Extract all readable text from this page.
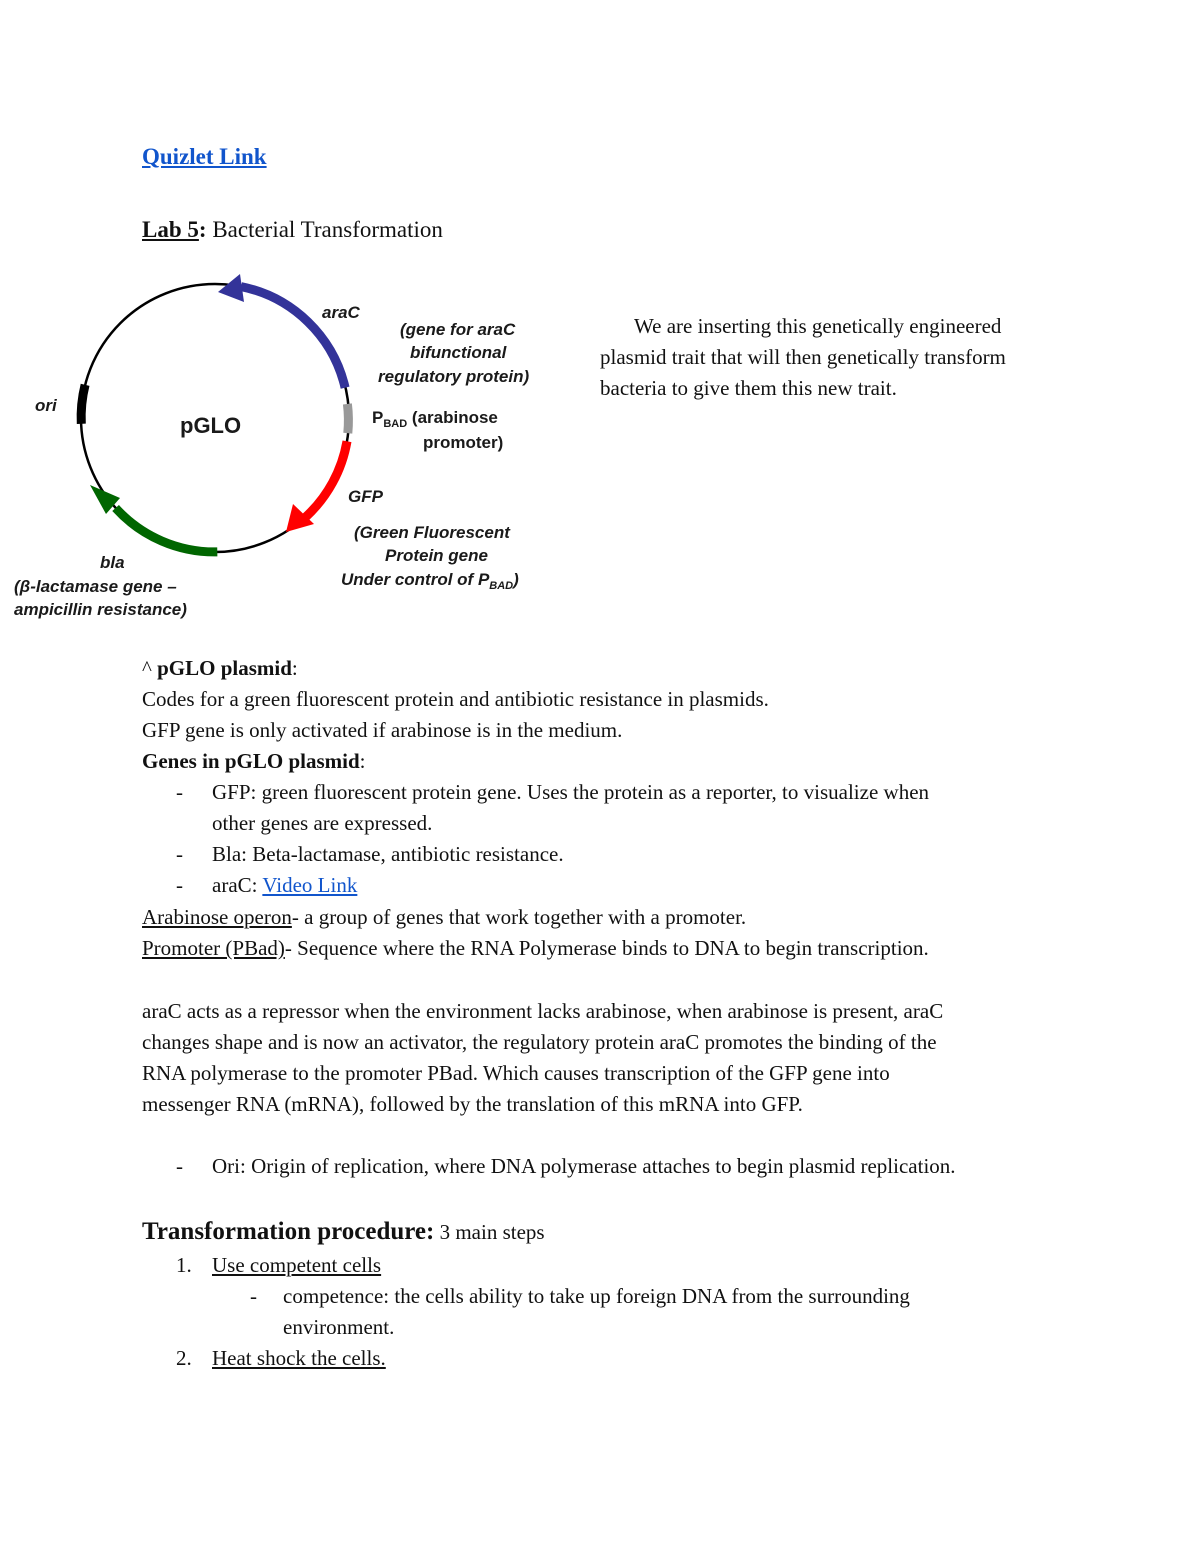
Quizlet Link
Lab 5: Bacterial Transformation
pGLO
ori
araC
(gene for araC
bifunctional
regulatory protein)
$P_{BAD}$ (arabinose
promoter)
GFP
(Green Fluorescent
Protein gene
Under control of $P_{BAD}$)
bla
(β-lactamase gene –
ampicillin resistance)
We are inserting this genetically engineered
plasmid trait that will then genetically transform
bacteria to give them this new trait.
^ pGLO plasmid:
Codes for a green fluorescent protein and antibiotic resistance in plasmids.
GFP gene is only activated if arabinose is in the medium.
Genes in pGLO plasmid:
- GFP: green fluorescent protein gene. Uses the protein as a reporter, to visualize when
other genes are expressed.
- Bla: Beta-lactamase, antibiotic resistance.
- araC: Video Link
Arabinose operon- a group of genes that work together with a promoter.
Promoter (PBad)- Sequence where the RNA Polymerase binds to DNA to begin transcription.
araC acts as a repressor when the environment lacks arabinose, when arabinose is present, araC
changes shape and is now an activator, the regulatory protein araC promotes the binding of the
RNA polymerase to the promoter PBad. Which causes transcription of the GFP gene into
messenger RNA (mRNA), followed by the translation of this mRNA into GFP.
- Ori: Origin of replication, where DNA polymerase attaches to begin plasmid replication.
Transformation procedure: 3 main steps
1. Use competent cells
- competence: the cells ability to take up foreign DNA from the surrounding
environment.
2. Heat shock the cells.
